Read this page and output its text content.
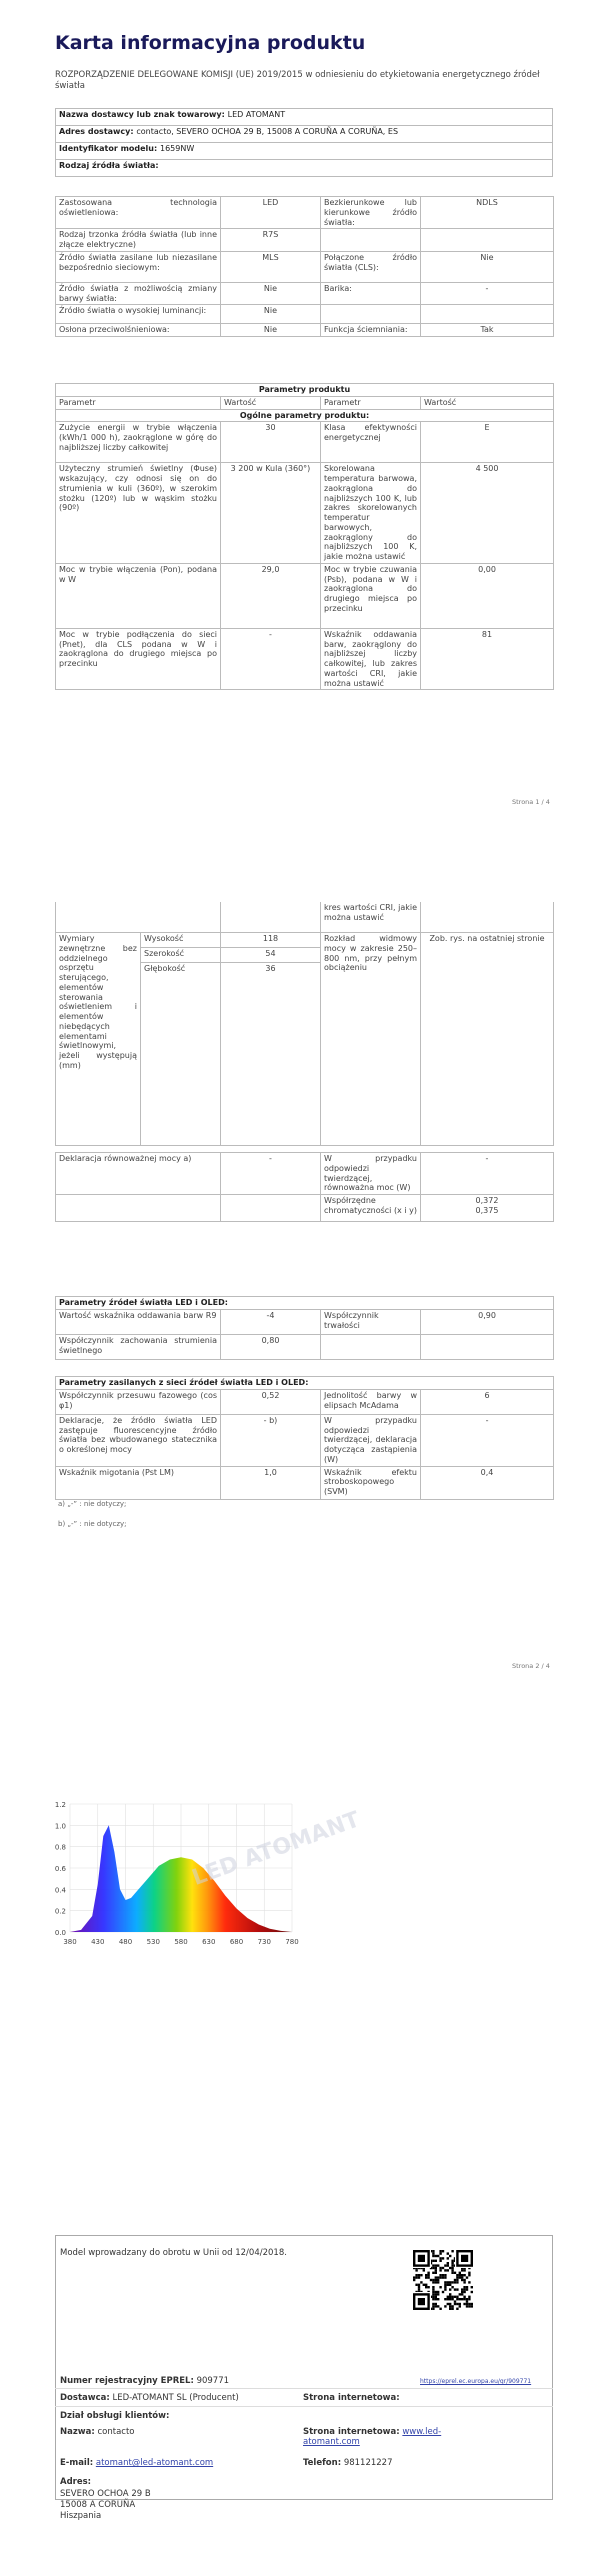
Karta informacyjna produktu
ROZPORZĄDZENIE DELEGOWANE KOMISJI (UE) 2019/2015 w odniesieniu do etykietowania energetycznego źródeł światła
Nazwa dostawcy lub znak towarowy: LED ATOMANT
Adres dostawcy: contacto, SEVERO OCHOA 29 B, 15008 A CORUÑA A CORUÑA, ES
Identyfikator modelu: 1659NW
Rodzaj źródła światła:
Zastosowana technologia oświetleniowa:	LED	Bezkierunkowe lub kierunkowe źródło światła:	NDLS
Rodzaj trzonka źródła światła (lub inne złącze elektryczne)	R7S		
Źródło światła zasilane lub niezasilane bezpośrednio sieciowym:	MLS	Połączone źródło światła (CLS):	Nie
Źródło światła z możliwością zmiany barwy światła:	Nie	Barika:	-
Źródło światła o wysokiej luminancji:	Nie		
Osłona przeciwolśnieniowa:	Nie	Funkcja ściemniania:	Tak
Parametry produktu			
Parametr	Wartość	Parametr	Wartość
Ogólne parametry produktu:			
Zużycie energii w trybie włączenia (kWh/1 000 h), zaokrąglone w górę do najbliższej liczby całkowitej	30	Klasa efektywności energetycznej	E
Użyteczny strumień świetlny (Φuse) wskazujący, czy odnosi się on do strumienia w kuli (360º), w szerokim stożku (120º) lub w wąskim stożku (90º)	3 200 w Kula (360°)	Skorelowana temperatura barwowa, zaokrąglona do najbliższych 100 K, lub zakres skorelowanych temperatur barwowych, zaokrąglony do najbliższych 100 K, jakie można ustawić	4 500
Moc w trybie włączenia (Pon), podana w W	29,0	Moc w trybie czuwania (Psb), podana w W i zaokrąglona do drugiego miejsca po przecinku	0,00
Moc w trybie podłączenia do sieci (Pnet), dla CLS podana w W i zaokrąglona do drugiego miejsca po przecinku	-	Wskaźnik oddawania barw, zaokrąglony do najbliższej liczby całkowitej, lub zakres wartości CRI, jakie można ustawić	81
Strona 1 / 4
			kres wartości CRI, jakie można ustawić	
Wymiary zewnętrzne bez oddzielnego osprzętu sterującego, elementów sterowania oświetleniem i elementów niebędących elementami świetlnowymi, jeżeli występują (mm)	Wysokość	118	Rozkład widmowy mocy w zakresie 250–800 nm, przy pełnym obciążeniu	Zob. rys. na ostatniej stronie
	Szerokość	54		
	Głębokość	36		
Deklaracja równoważnej mocy a)	-	W przypadku odpowiedzi twierdzącej, równoważna moc (W)	-
		Współrzędne chromatyczności (x i y)	0,372
0,375
Parametry źródeł światła LED i OLED:			
Wartość wskaźnika oddawania barw R9	-4	Współczynnik trwałości	0,90
Współczynnik zachowania strumienia świetlnego	0,80		
Parametry zasilanych z sieci źródeł światła LED i OLED:			
Współczynnik przesuwu fazowego (cos φ1)	0,52	Jednolitość barwy w elipsach McAdama	6
Deklaracje, że źródło światła LED zastępuje fluorescencyjne źródło światła bez wbudowanego statecznika o określonej mocy	- b)	W przypadku odpowiedzi twierdzącej, deklaracja dotycząca zastąpienia (W)	-
Wskaźnik migotania (Pst LM)	1,0	Wskaźnik efektu stroboskopowego (SVM)	0,4
a) „-” : nie dotyczy;
b) „-” : nie dotyczy;
Strona 2 / 4
LED ATOMANT
0.0
0.2
0.4
0.6
0.8
1.0
1.2
380 430 480 530 580 630 680 730 780
Model wprowadzany do obrotu w Unii od 12/04/2018.
Numer rejestracyjny EPREL: 909771	https://eprel.ec.europa.eu/qr/909771
Dostawca: LED-ATOMANT SL (Producent)	Strona internetowa:
Dział obsługi klientów:
Nazwa: contacto	Strona internetowa: www.led-atomant.com
E-mail: atomant@led-atomant.com	Telefon: 981121227
Adres:
SEVERO OCHOA 29 B
15008 A CORUÑA
Hiszpania
